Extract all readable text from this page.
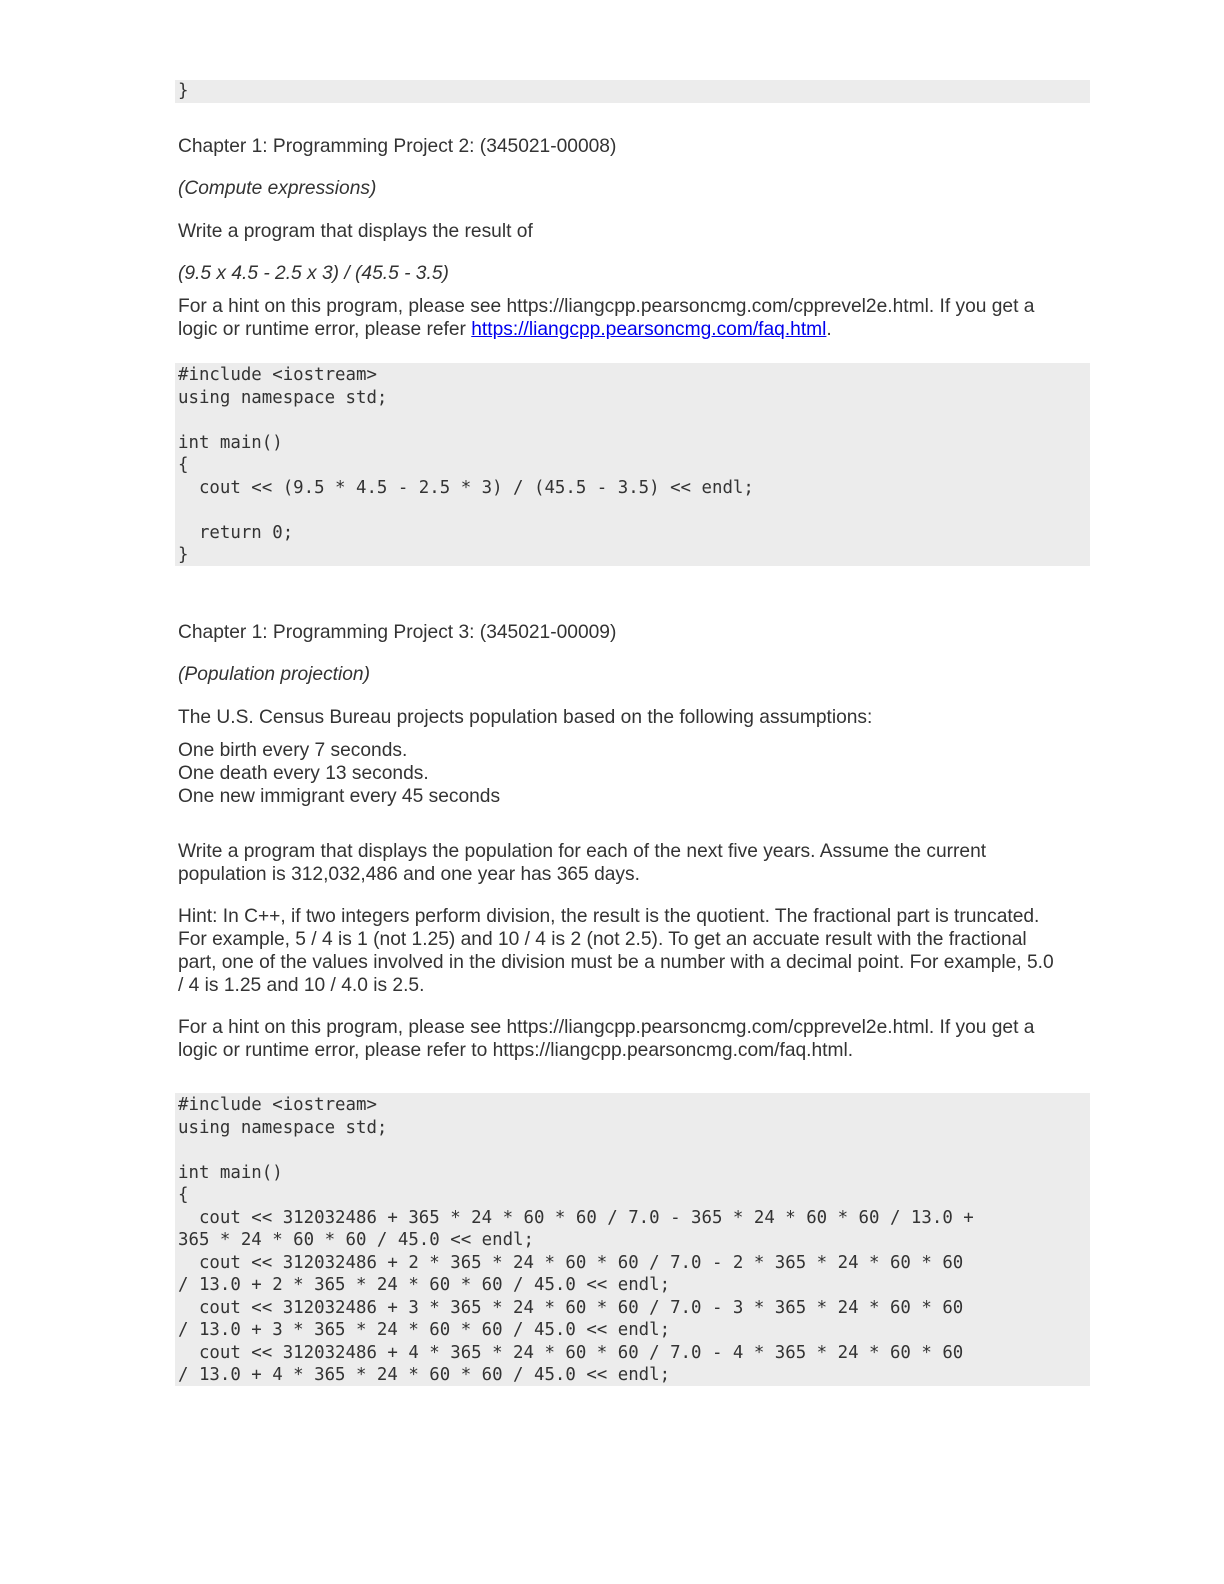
}

Chapter 1: Programming Project 2: (345021-00008)

(Compute expressions)

Write a program that displays the result of

(9.5 x 4.5 - 2.5 x 3) / (45.5 - 3.5)

For a hint on this program, please see https://liangcpp.pearsoncmg.com/cpprevel2e.html. If you get a
logic or runtime error, please refer https://liangcpp.pearsoncmg.com/faq.html.

#include <iostream>
using namespace std;

int main()
{
cout << (9.5 * 4.5 - 2.5 * 3) / (45.5 - 3.5) << endl;

return 0;
}

Chapter 1: Programming Project 3: (345021-00009)

(Population projection)

The U.S. Census Bureau projects population based on the following assumptions:

One birth every 7 seconds.
One death every 13 seconds.
One new immigrant every 45 seconds

Write a program that displays the population for each of the next five years. Assume the current
population is 312,032,486 and one year has 365 days.

Hint: In C++, if two integers perform division, the result is the quotient. The fractional part is truncated.
For example, 5 / 4 is 1 (not 1.25) and 10 / 4 is 2 (not 2.5). To get an accuate result with the fractional
part, one of the values involved in the division must be a number with a decimal point. For example, 5.0
/ 4 is 1.25 and 10 / 4.0 is 2.5.

For a hint on this program, please see https://liangcpp.pearsoncmg.com/cpprevel2e.html. If you get a
logic or runtime error, please refer to https://liangcpp.pearsoncmg.com/faq.html.

#include <iostream>
using namespace std;

int main()
{
cout << 312032486 + 365 * 24 * 60 * 60 / 7.0 - 365 * 24 * 60 * 60 / 13.0 +
365 * 24 * 60 * 60 / 45.0 << endl;
cout << 312032486 + 2 * 365 * 24 * 60 * 60 / 7.0 - 2 * 365 * 24 * 60 * 60
/ 13.0 + 2 * 365 * 24 * 60 * 60 / 45.0 << endl;
cout << 312032486 + 3 * 365 * 24 * 60 * 60 / 7.0 - 3 * 365 * 24 * 60 * 60
/ 13.0 + 3 * 365 * 24 * 60 * 60 / 45.0 << endl;
cout << 312032486 + 4 * 365 * 24 * 60 * 60 / 7.0 - 4 * 365 * 24 * 60 * 60
/ 13.0 + 4 * 365 * 24 * 60 * 60 / 45.0 << endl;
